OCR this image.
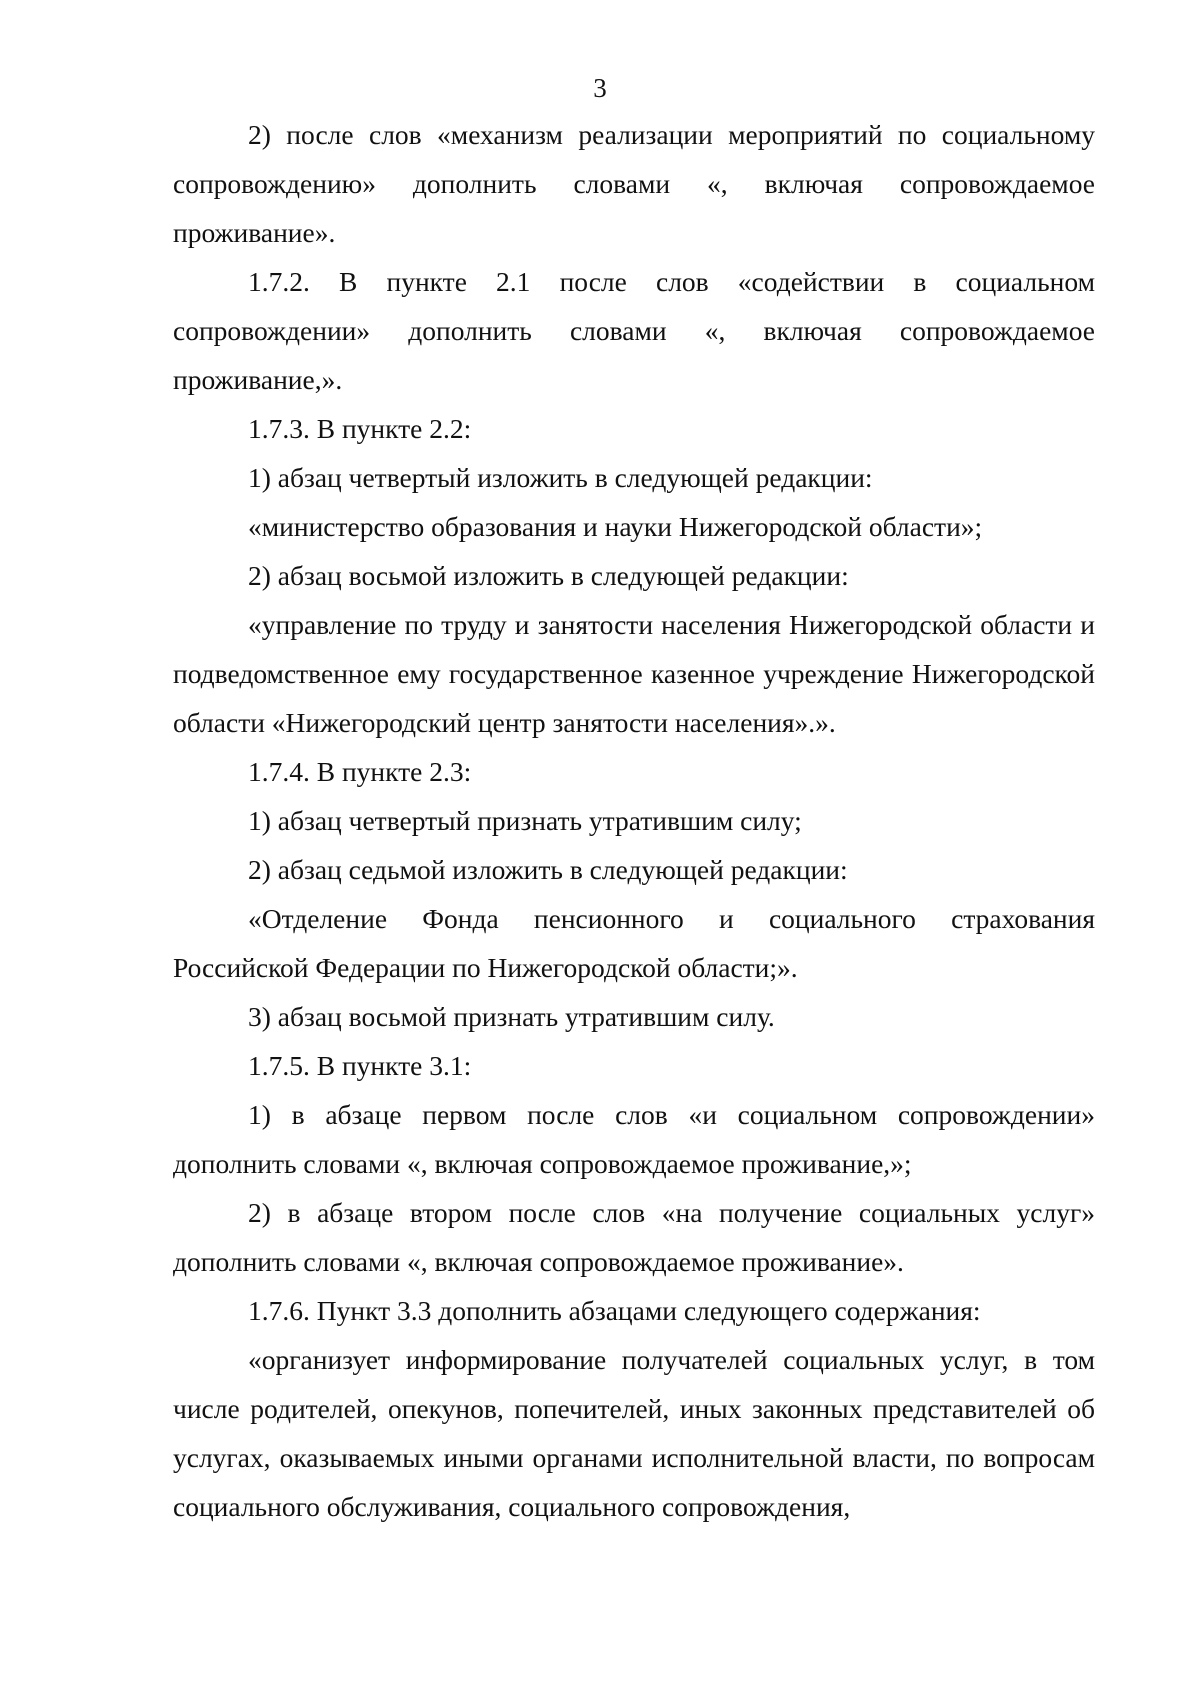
3

2) после слов «механизм реализации мероприятий по социальному сопровождению» дополнить словами «, включая сопровождаемое проживание».

1.7.2. В пункте 2.1 после слов «содействии в социальном сопровождении» дополнить словами «, включая сопровождаемое проживание,».

1.7.3. В пункте 2.2:

1) абзац четвертый изложить в следующей редакции:

«министерство образования и науки Нижегородской области»;

2) абзац восьмой изложить в следующей редакции:

«управление по труду и занятости населения Нижегородской области и подведомственное ему государственное казенное учреждение Нижегородской области «Нижегородский центр занятости населения».».

1.7.4. В пункте 2.3:

1) абзац четвертый признать утратившим силу;

2) абзац седьмой изложить в следующей редакции:

«Отделение Фонда пенсионного и социального страхования Российской Федерации по Нижегородской области;».

3) абзац восьмой признать утратившим силу.

1.7.5. В пункте 3.1:

1) в абзаце первом после слов «и социальном сопровождении» дополнить словами «, включая сопровождаемое проживание,»;

2) в абзаце втором после слов «на получение социальных услуг» дополнить словами «, включая сопровождаемое проживание».

1.7.6. Пункт 3.3 дополнить абзацами следующего содержания:

«организует информирование получателей социальных услуг, в том числе родителей, опекунов, попечителей, иных законных представителей об услугах, оказываемых иными органами исполнительной власти, по вопросам социального обслуживания, социального сопровождения,
